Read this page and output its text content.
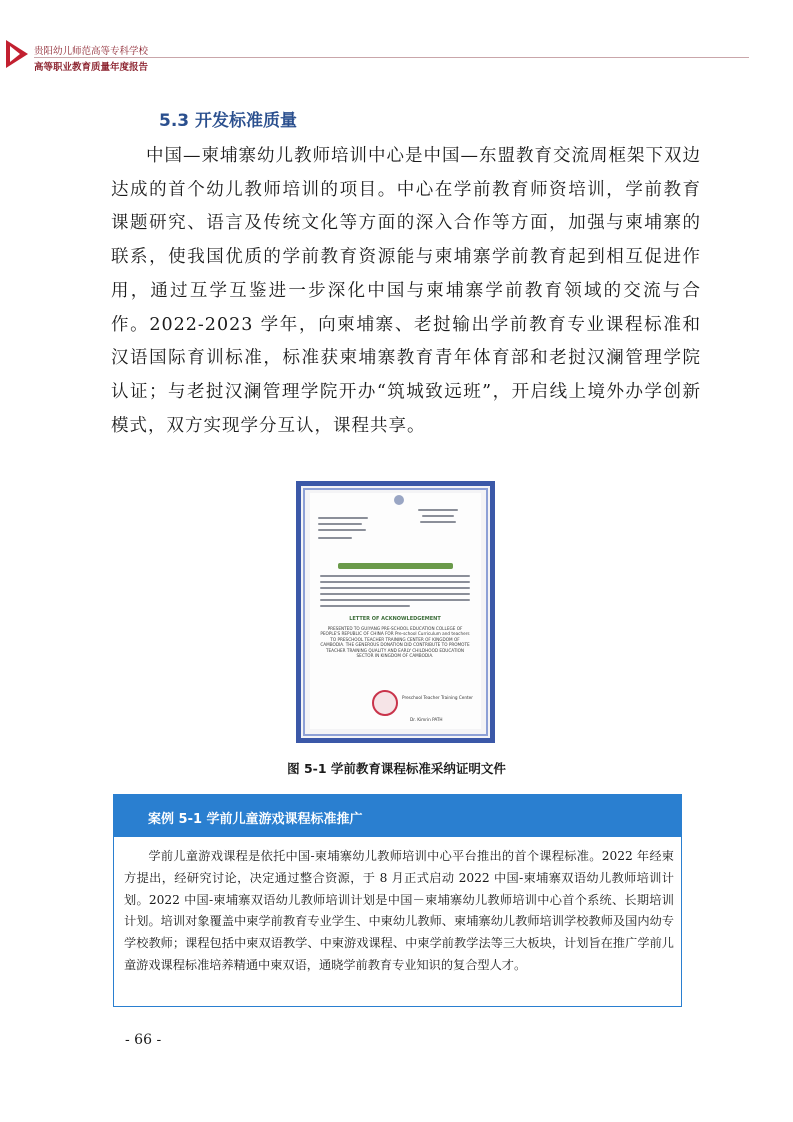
贵阳幼儿师范高等专科学校
高等职业教育质量年度报告
5.3 开发标准质量

中国—柬埔寨幼儿教师培训中心是中国—东盟教育交流周框架下双边达成的首个幼儿教师培训的项目。中心在学前教育师资培训，学前教育课题研究、语言及传统文化等方面的深入合作等方面，加强与柬埔寨的联系，使我国优质的学前教育资源能与柬埔寨学前教育起到相互促进作用，通过互学互鉴进一步深化中国与柬埔寨学前教育领域的交流与合作。2022-2023 学年，向柬埔寨、老挝输出学前教育专业课程标准和汉语国际育训标准，标准获柬埔寨教育青年体育部和老挝汉澜管理学院认证；与老挝汉澜管理学院开办“筑城致远班”，开启线上境外办学创新模式，双方实现学分互认，课程共享。

LETTER OF ACKNOWLEDGEMENT
PRESENTED TO GUIYANG PRE-SCHOOL EDUCATION COLLEGE OF PEOPLE'S REPUBLIC OF CHINA FOR Pre-school Curriculum and teachers TO PRESCHOOL TEACHER TRAINING CENTER OF KINGDOM OF CAMBODIA. THE GENEROUS DONATION DID CONTRIBUTE TO PROMOTE TEACHER TRAINING QUALITY AND EARLY CHILDHOOD EDUCATION SECTOR IN KINGDOM OF CAMBODIA.
Preschool Teacher Training Center
Dr. Kimrin PATH
图 5-1 学前教育课程标准采纳证明文件
案例 5-1 学前儿童游戏课程标准推广

学前儿童游戏课程是依托中国-柬埔寨幼儿教师培训中心平台推出的首个课程标准。2022 年经柬方提出，经研究讨论，决定通过整合资源，于 8 月正式启动 2022 中国-柬埔寨双语幼儿教师培训计划。2022 中国-柬埔寨双语幼儿教师培训计划是中国－柬埔寨幼儿教师培训中心首个系统、长期培训计划。培训对象覆盖中柬学前教育专业学生、中柬幼儿教师、柬埔寨幼儿教师培训学校教师及国内幼专学校教师；课程包括中柬双语教学、中柬游戏课程、中柬学前教学法等三大板块，计划旨在推广学前儿童游戏课程标准培养精通中柬双语，通晓学前教育专业知识的复合型人才。

- 66 -
